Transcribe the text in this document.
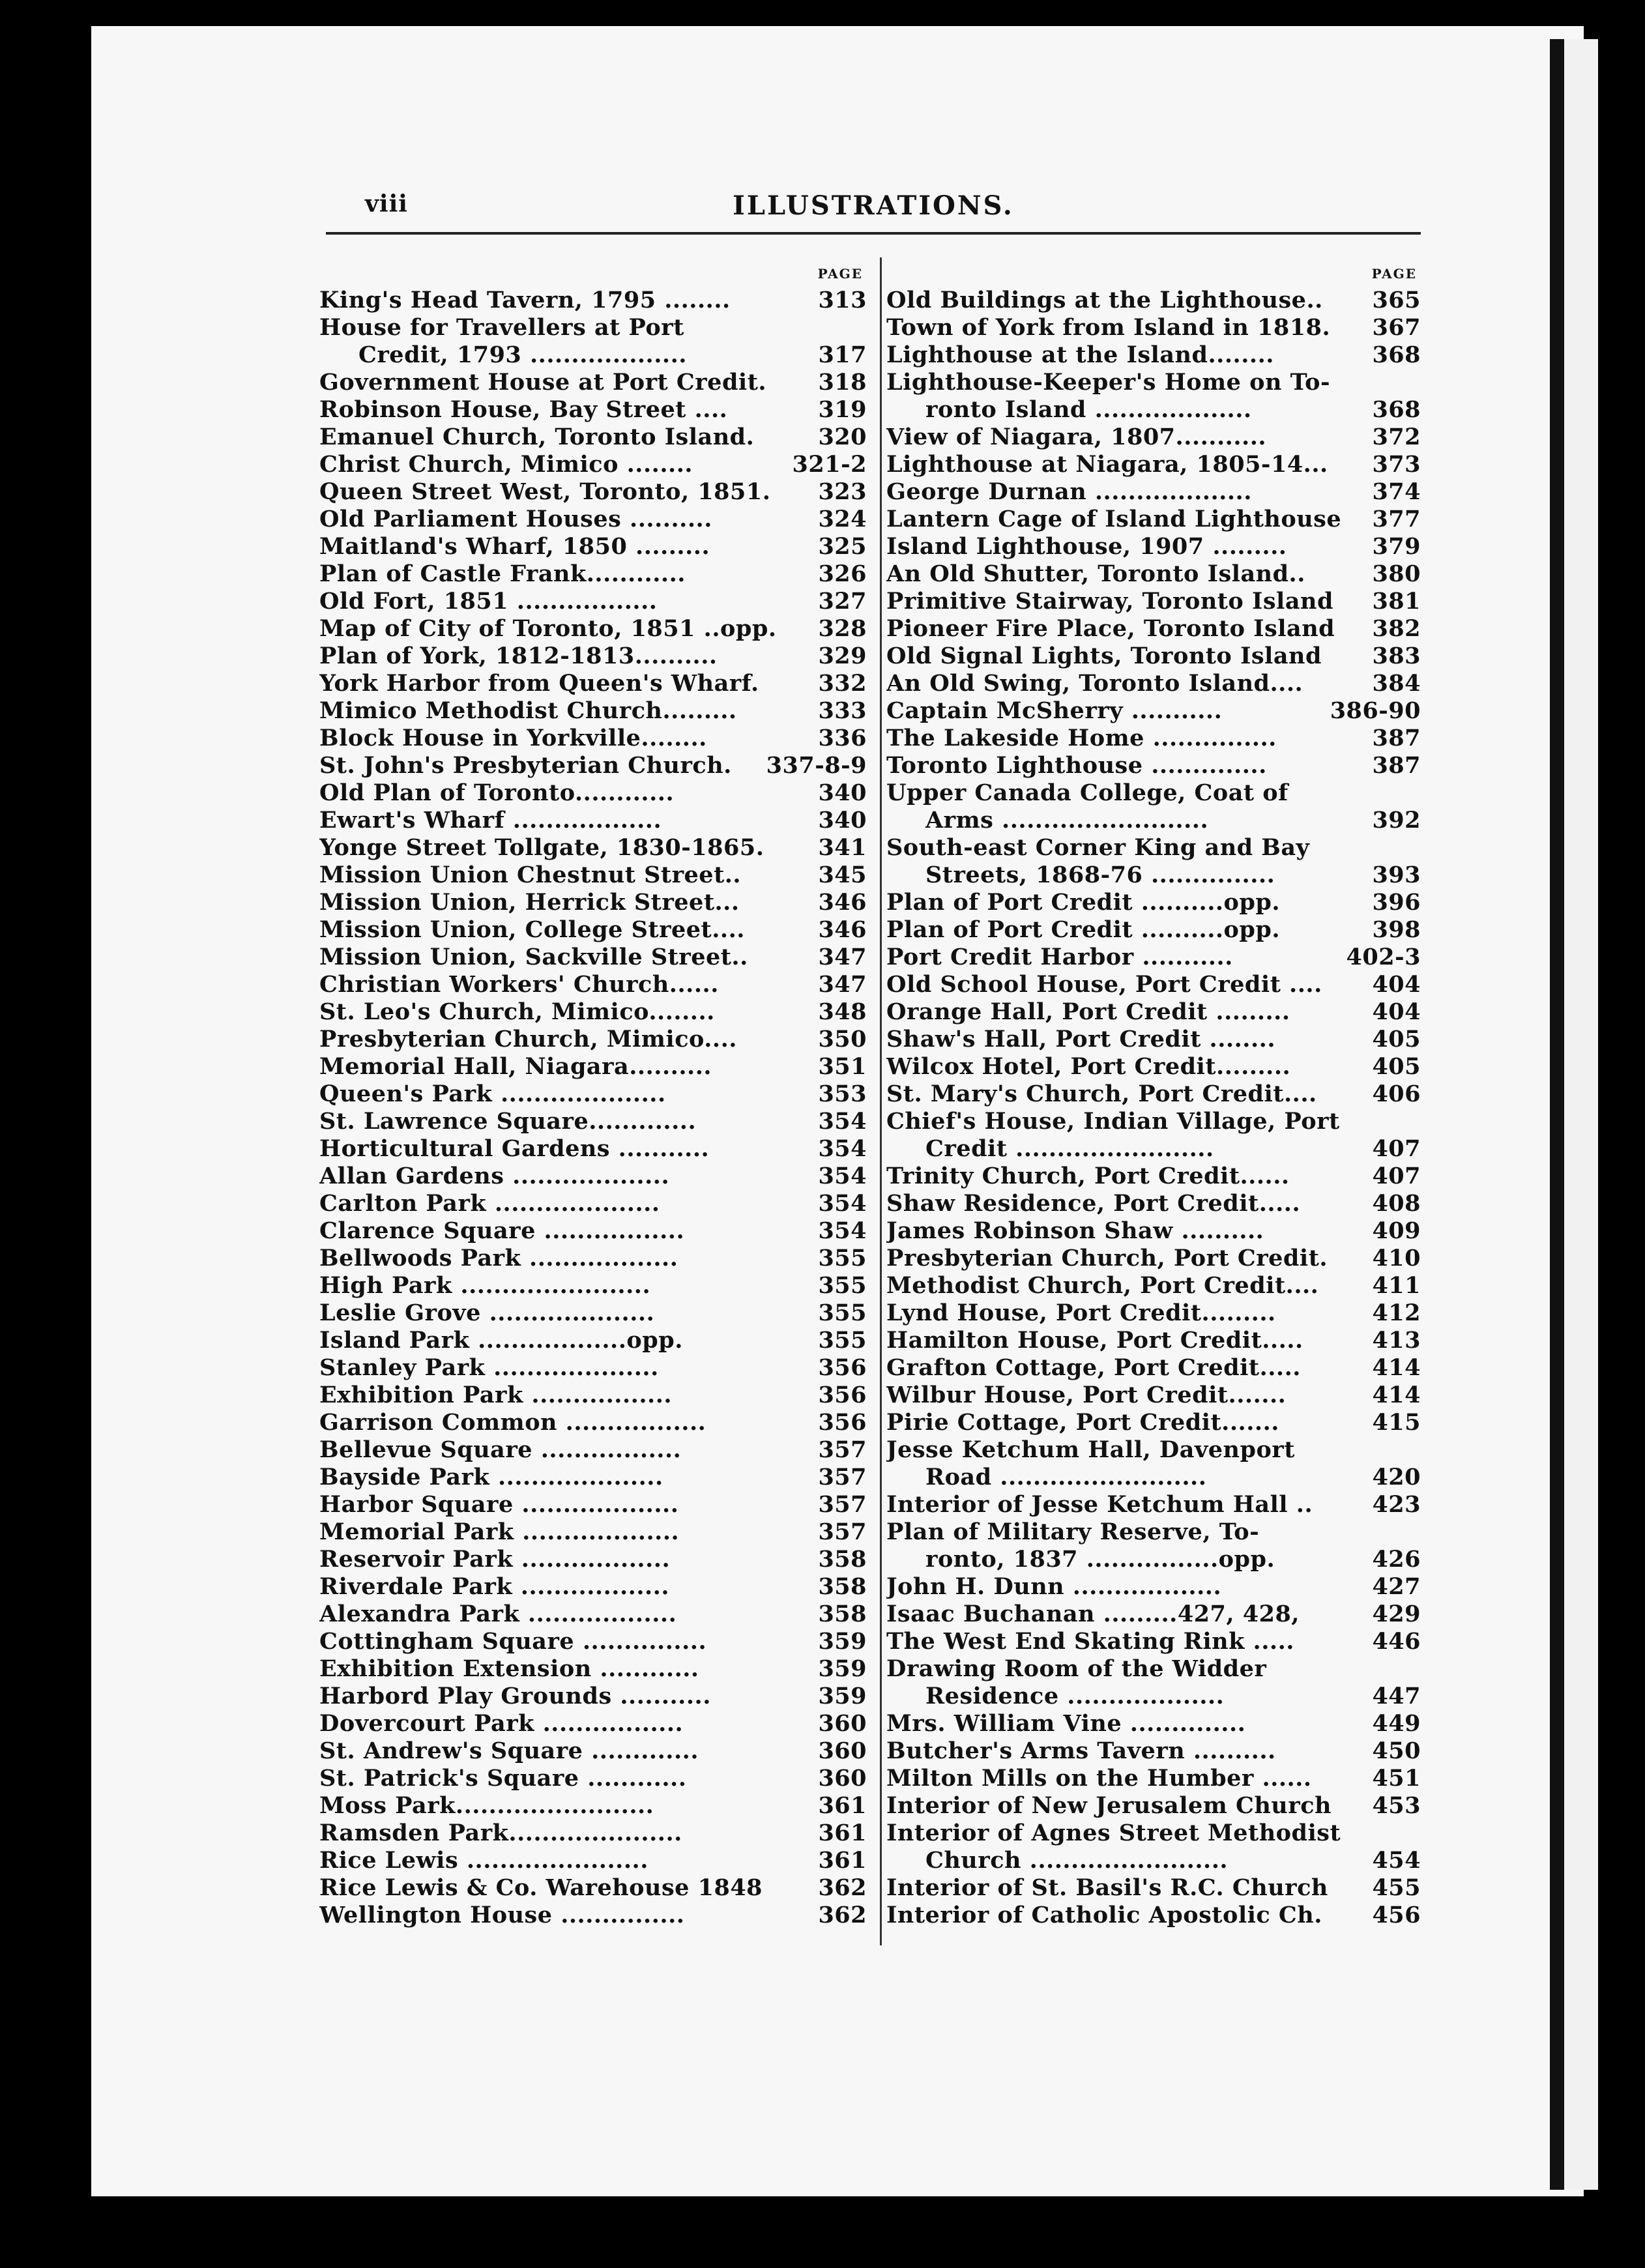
viii	ILLUSTRATIONS.
PAGE
313
King's Head Tavern, 1795 ........
House for Travellers at Port
317
Credit, 1793 ...................
318
Government House at Port Credit.
319
Robinson House, Bay Street ....
320
Emanuel Church, Toronto Island.
321-2
Christ Church, Mimico ........
323
Queen Street West, Toronto, 1851.
324
Old Parliament Houses ..........
325
Maitland's Wharf, 1850 .........
326
Plan of Castle Frank............
327
Old Fort, 1851 .................
328
Map of City of Toronto, 1851 ..opp.
329
Plan of York, 1812-1813..........
332
York Harbor from Queen's Wharf.
333
Mimico Methodist Church.........
336
Block House in Yorkville........
337-8-9
St. John's Presbyterian Church.
340
Old Plan of Toronto............
340
Ewart's Wharf ..................
341
Yonge Street Tollgate, 1830-1865.
345
Mission Union Chestnut Street..
346
Mission Union, Herrick Street...
346
Mission Union, College Street....
347
Mission Union, Sackville Street..
347
Christian Workers' Church......
348
St. Leo's Church, Mimico........
350
Presbyterian Church, Mimico....
351
Memorial Hall, Niagara..........
353
Queen's Park ....................
354
St. Lawrence Square.............
354
Horticultural Gardens ...........
354
Allan Gardens ...................
354
Carlton Park ....................
354
Clarence Square .................
355
Bellwoods Park ..................
355
High Park .......................
355
Leslie Grove ....................
355
Island Park ..................opp.
356
Stanley Park ....................
356
Exhibition Park .................
356
Garrison Common .................
357
Bellevue Square .................
357
Bayside Park ....................
357
Harbor Square ...................
357
Memorial Park ...................
358
Reservoir Park ..................
358
Riverdale Park ..................
358
Alexandra Park ..................
359
Cottingham Square ...............
359
Exhibition Extension ............
359
Harbord Play Grounds ...........
360
Dovercourt Park .................
360
St. Andrew's Square .............
360
St. Patrick's Square ............
361
Moss Park........................
361
Ramsden Park.....................
361
Rice Lewis ......................
362
Rice Lewis & Co. Warehouse 1848
362
Wellington House ...............
PAGE
365
Old Buildings at the Lighthouse..
367
Town of York from Island in 1818.
368
Lighthouse at the Island........
Lighthouse-Keeper's Home on To-
368
ronto Island ...................
372
View of Niagara, 1807...........
373
Lighthouse at Niagara, 1805-14...
374
George Durnan ...................
377
Lantern Cage of Island Lighthouse
379
Island Lighthouse, 1907 .........
380
An Old Shutter, Toronto Island..
381
Primitive Stairway, Toronto Island
382
Pioneer Fire Place, Toronto Island
383
Old Signal Lights, Toronto Island
384
An Old Swing, Toronto Island....
386-90
Captain McSherry ...........
387
The Lakeside Home ...............
387
Toronto Lighthouse ..............
Upper Canada College, Coat of
392
Arms .........................
South-east Corner King and Bay
393
Streets, 1868-76 ...............
396
Plan of Port Credit ..........opp.
398
Plan of Port Credit ..........opp.
402-3
Port Credit Harbor ...........
404
Old School House, Port Credit ....
404
Orange Hall, Port Credit .........
405
Shaw's Hall, Port Credit ........
405
Wilcox Hotel, Port Credit.........
406
St. Mary's Church, Port Credit....
Chief's House, Indian Village, Port
407
Credit ........................
407
Trinity Church, Port Credit......
408
Shaw Residence, Port Credit.....
409
James Robinson Shaw ..........
410
Presbyterian Church, Port Credit.
411
Methodist Church, Port Credit....
412
Lynd House, Port Credit.........
413
Hamilton House, Port Credit.....
414
Grafton Cottage, Port Credit.....
414
Wilbur House, Port Credit.......
415
Pirie Cottage, Port Credit.......
Jesse Ketchum Hall, Davenport
420
Road .........................
423
Interior of Jesse Ketchum Hall ..
Plan of Military Reserve, To-
426
ronto, 1837 ................opp.
427
John H. Dunn ..................
429
Isaac Buchanan .........427, 428,
446
The West End Skating Rink .....
Drawing Room of the Widder
447
Residence ...................
449
Mrs. William Vine ..............
450
Butcher's Arms Tavern ..........
451
Milton Mills on the Humber ......
453
Interior of New Jerusalem Church
Interior of Agnes Street Methodist
454
Church ........................
455
Interior of St. Basil's R.C. Church
456
Interior of Catholic Apostolic Ch.
